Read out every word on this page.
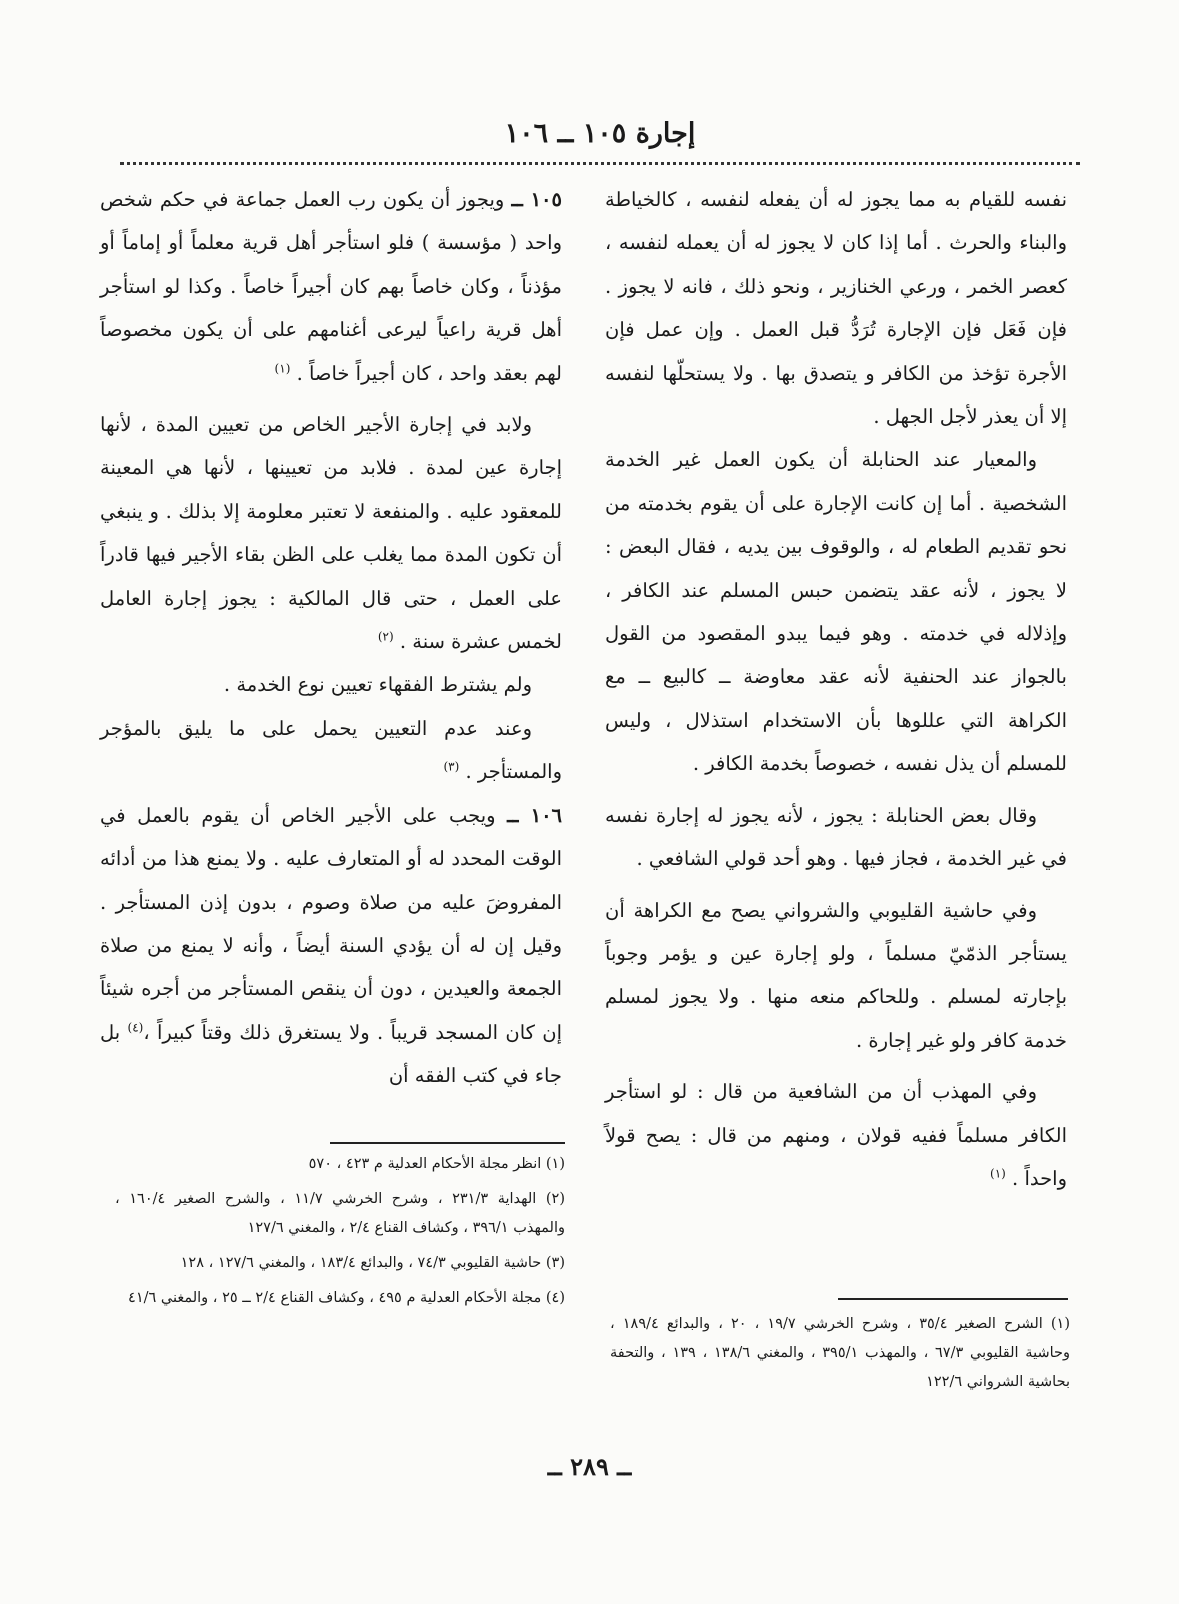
إجارة ١٠٥ ــ ١٠٦

نفسه للقيام به مما يجوز له أن يفعله لنفسه ، كالخياطة والبناء والحرث . أما إذا كان لا يجوز له أن يعمله لنفسه ، كعصر الخمر ، ورعي الخنازير ، ونحو ذلك ، فانه لا يجوز . فإن فَعَل فإن الإجارة تُرَدُّ قبل العمل . وإن عمل فإن الأجرة تؤخذ من الكافر و يتصدق بها . ولا يستحلّها لنفسه إلا أن يعذر لأجل الجهل .

والمعيار عند الحنابلة أن يكون العمل غير الخدمة الشخصية . أما إن كانت الإجارة على أن يقوم بخدمته من نحو تقديم الطعام له ، والوقوف بين يديه ، فقال البعض : لا يجوز ، لأنه عقد يتضمن حبس المسلم عند الكافر ، وإذلاله في خدمته . وهو فيما يبدو المقصود من القول بالجواز عند الحنفية لأنه عقد معاوضة ــ كالبيع ــ مع الكراهة التي عللوها بأن الاستخدام استذلال ، وليس للمسلم أن يذل نفسه ، خصوصاً بخدمة الكافر .

وقال بعض الحنابلة : يجوز ، لأنه يجوز له إجارة نفسه في غير الخدمة ، فجاز فيها . وهو أحد قولي الشافعي .

وفي حاشية القليوبي والشرواني يصح مع الكراهة أن يستأجر الذمّيّ مسلماً ، ولو إجارة عين و يؤمر وجوباً بإجارته لمسلم . وللحاكم منعه منها . ولا يجوز لمسلم خدمة كافر ولو غير إجارة .

وفي المهذب أن من الشافعية من قال : لو استأجر الكافر مسلماً ففيه قولان ، ومنهم من قال : يصح قولاً واحداً . $^{(١)}$

١٠٥ ــ ويجوز أن يكون رب العمل جماعة في حكم شخص واحد ( مؤسسة ) فلو استأجر أهل قرية معلماً أو إماماً أو مؤذناً ، وكان خاصاً بهم كان أجيراً خاصاً . وكذا لو استأجر أهل قرية راعياً ليرعى أغنامهم على أن يكون مخصوصاً لهم بعقد واحد ، كان أجيراً خاصاً . $^{(١)}$

ولابد في إجارة الأجير الخاص من تعيين المدة ، لأنها إجارة عين لمدة . فلابد من تعيينها ، لأنها هي المعينة للمعقود عليه . والمنفعة لا تعتبر معلومة إلا بذلك . و ينبغي أن تكون المدة مما يغلب على الظن بقاء الأجير فيها قادراً على العمل ، حتى قال المالكية : يجوز إجارة العامل لخمس عشرة سنة . $^{(٢)}$

ولم يشترط الفقهاء تعيين نوع الخدمة .

وعند عدم التعيين يحمل على ما يليق بالمؤجر والمستأجر . $^{(٣)}$

١٠٦ ــ ويجب على الأجير الخاص أن يقوم بالعمل في الوقت المحدد له أو المتعارف عليه . ولا يمنع هذا من أدائه المفروضَ عليه من صلاة وصوم ، بدون إذن المستأجر . وقيل إن له أن يؤدي السنة أيضاً ، وأنه لا يمنع من صلاة الجمعة والعيدين ، دون أن ينقص المستأجر من أجره شيئاً إن كان المسجد قريباً . ولا يستغرق ذلك وقتاً كبيراً ،$^{(٤)}$ بل جاء في كتب الفقه أن

(١) انظر مجلة الأحكام العدلية م ٤٢٣ ، ٥٧٠

(٢) الهداية ٢٣١/٣ ، وشرح الخرشي ١١/٧ ، والشرح الصغير ١٦٠/٤ ، والمهذب ٣٩٦/١ ، وكشاف القناع ٢/٤ ، والمغني ١٢٧/٦

(٣) حاشية القليوبي ٧٤/٣ ، والبدائع ١٨٣/٤ ، والمغني ١٢٧/٦ ، ١٢٨

(٤) مجلة الأحكام العدلية م ٤٩٥ ، وكشاف القناع ٢/٤ ــ ٢٥ ، والمغني ٤١/٦

(١) الشرح الصغير ٣٥/٤ ، وشرح الخرشي ١٩/٧ ، ٢٠ ، والبدائع ١٨٩/٤ ، وحاشية القليوبي ٦٧/٣ ، والمهذب ٣٩٥/١ ، والمغني ١٣٨/٦ ، ١٣٩ ، والتحفة بحاشية الشرواني ١٢٢/٦

ــ ٢٨٩ ــ
